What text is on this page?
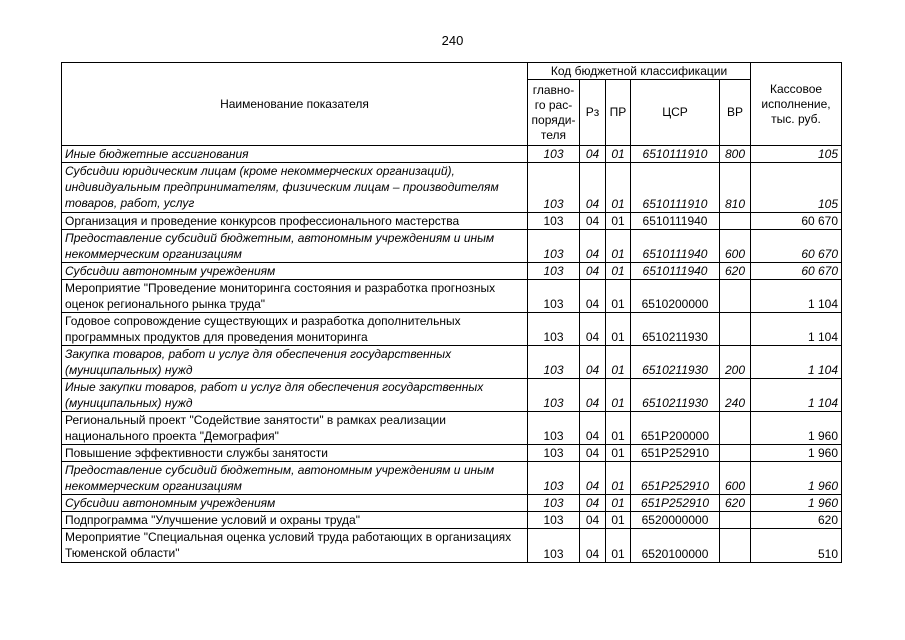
240
Наименование показателя	Код бюджетной классификации					Кассовое исполнение, тыс. руб.
	главно-го рас-поряди-теля	Рз	ПР	ЦСР	ВР	
Иные бюджетные ассигнования	103	04	01	6510111910	800	105
Субсидии юридическим лицам (кроме некоммерческих организаций), индивидуальным предпринимателям, физическим лицам – производителям товаров, работ, услуг	103	04	01	6510111910	810	105
Организация и проведение конкурсов профессионального мастерства	103	04	01	6510111940		60 670
Предоставление субсидий бюджетным, автономным учреждениям и иным некоммерческим организациям	103	04	01	6510111940	600	60 670
Субсидии автономным учреждениям	103	04	01	6510111940	620	60 670
Мероприятие "Проведение мониторинга состояния и разработка прогнозных оценок регионального рынка труда"	103	04	01	6510200000		1 104
Годовое сопровождение существующих и разработка дополнительных программных продуктов для проведения мониторинга	103	04	01	6510211930		1 104
Закупка товаров, работ и услуг для обеспечения государственных (муниципальных) нужд	103	04	01	6510211930	200	1 104
Иные закупки товаров, работ и услуг для обеспечения государственных (муниципальных) нужд	103	04	01	6510211930	240	1 104
Региональный проект "Содействие занятости" в рамках реализации национального проекта "Демография"	103	04	01	651P200000		1 960
Повышение эффективности службы занятости	103	04	01	651P252910		1 960
Предоставление субсидий бюджетным, автономным учреждениям и иным некоммерческим организациям	103	04	01	651P252910	600	1 960
Субсидии автономным учреждениям	103	04	01	651P252910	620	1 960
Подпрограмма "Улучшение условий и охраны труда"	103	04	01	6520000000		620
Мероприятие "Специальная оценка условий труда работающих в организациях Тюменской области"	103	04	01	6520100000		510
